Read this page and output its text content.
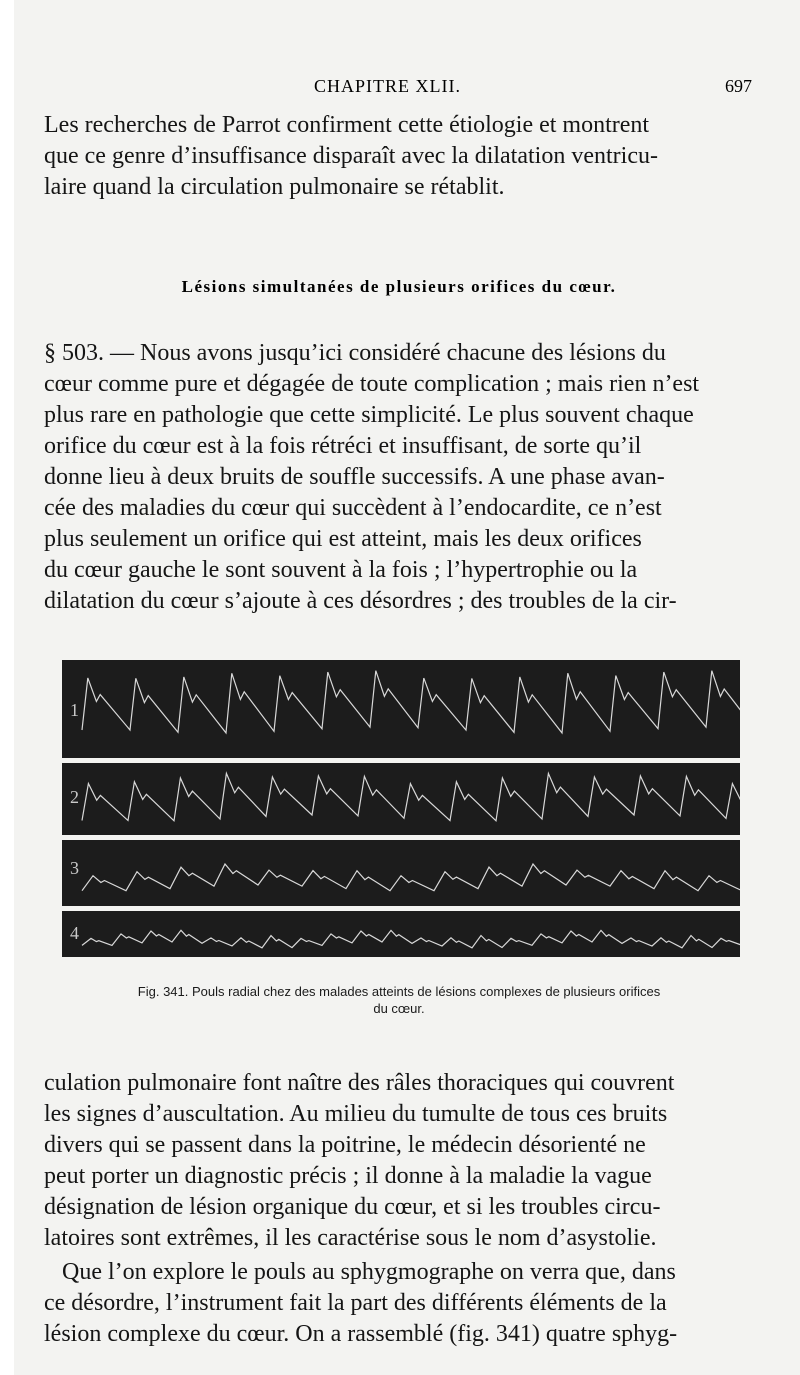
CHAPITRE XLII.	697
Les recherches de Parrot confirment cette étiologie et montrent
que ce genre d’insuffisance disparaît avec la dilatation ventricu-
laire quand la circulation pulmonaire se rétablit.
Lésions simultanées de plusieurs orifices du cœur.
§ 503. — Nous avons jusqu’ici considéré chacune des lésions du
cœur comme pure et dégagée de toute complication ; mais rien n’est
plus rare en pathologie que cette simplicité. Le plus souvent chaque
orifice du cœur est à la fois rétréci et insuffisant, de sorte qu’il
donne lieu à deux bruits de souffle successifs. A une phase avan-
cée des maladies du cœur qui succèdent à l’endocardite, ce n’est
plus seulement un orifice qui est atteint, mais les deux orifices
du cœur gauche le sont souvent à la fois ; l’hypertrophie ou la
dilatation du cœur s’ajoute à ces désordres ; des troubles de la cir-
1
2
3
4
Fig. 341. Pouls radial chez des malades atteints de lésions complexes de plusieurs orifices
du cœur.
culation pulmonaire font naître des râles thoraciques qui couvrent
les signes d’auscultation. Au milieu du tumulte de tous ces bruits
divers qui se passent dans la poitrine, le médecin désorienté ne
peut porter un diagnostic précis ; il donne à la maladie la vague
désignation de lésion organique du cœur, et si les troubles circu-
latoires sont extrêmes, il les caractérise sous le nom d’asystolie.
Que l’on explore le pouls au sphygmographe on verra que, dans
ce désordre, l’instrument fait la part des différents éléments de la
lésion complexe du cœur. On a rassemblé (fig. 341) quatre sphyg-
